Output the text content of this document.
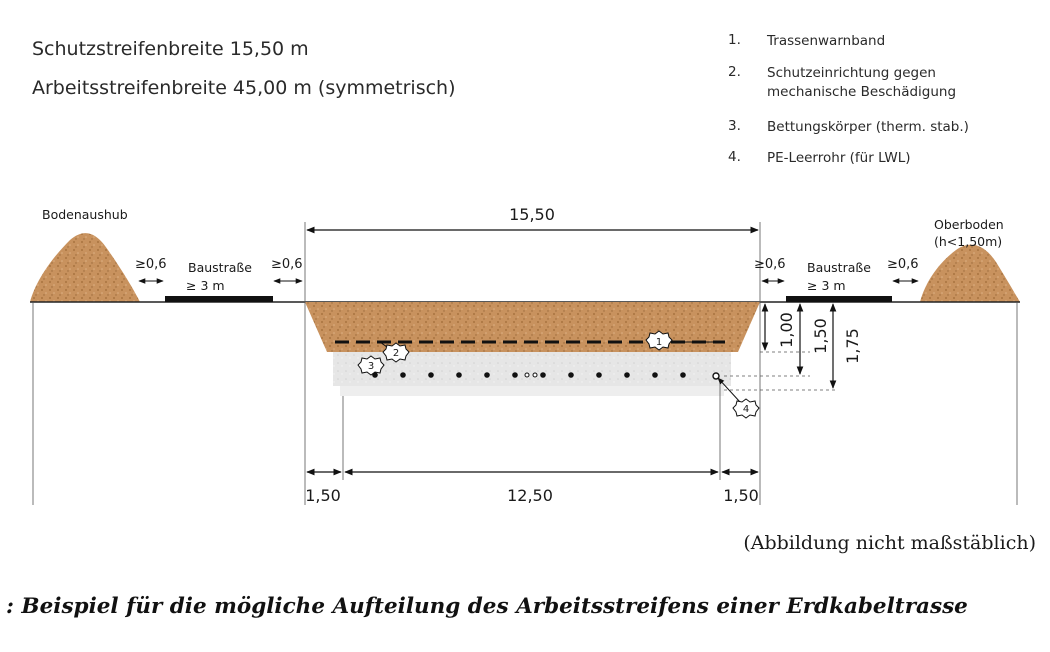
Schutzstreifenbreite 15,50 m
Arbeitsstreifenbreite 45,00 m (symmetrisch)
1. Trassenwarnband
2. Schutzeinrichtung gegen mechanische Beschädigung
3. Bettungskörper (therm. stab.)
4. PE-Leerrohr (für LWL)
15,50
Bodenaushub
Oberboden
(h<1,50m)
Baustraße
≥ 3 m
Baustraße
≥ 3 m
≥0,6	≥0,6	≥0,6	≥0,6
1,00 1,50 1,75
1,50	12,50	1,50
1
2
3
4
(Abbildung nicht maßstäblich)
: Beispiel für die mögliche Aufteilung des Arbeitsstreifens einer Erdkabeltrasse
